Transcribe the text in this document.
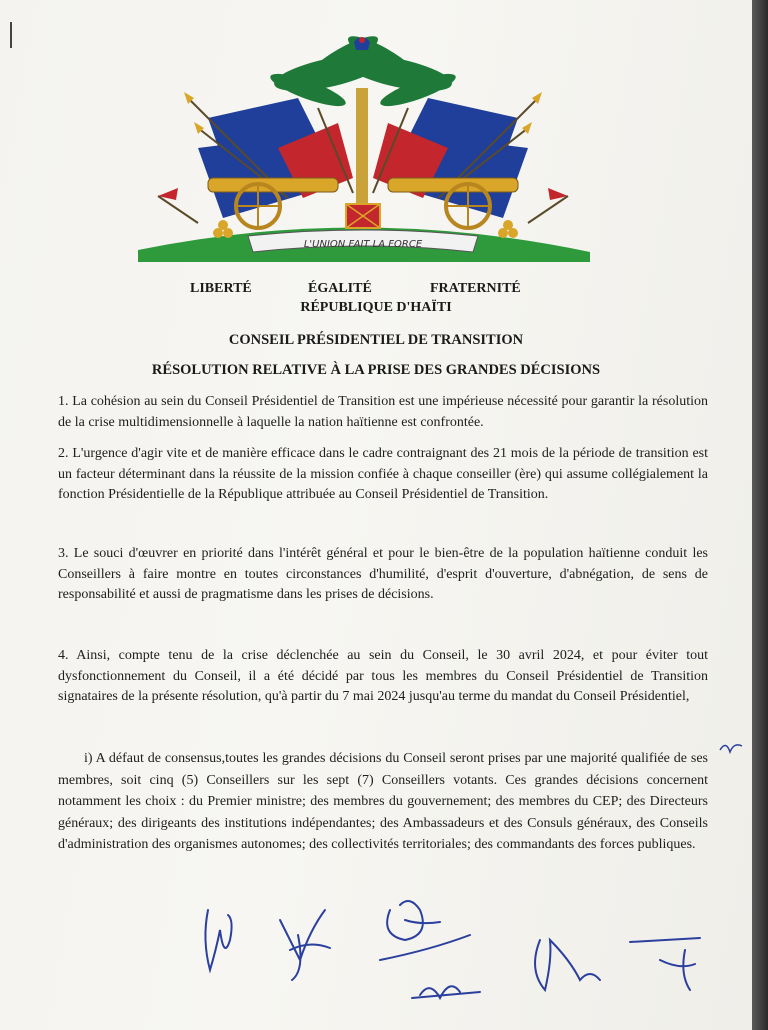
L'UNION FAIT LA FORCE
LIBERTÉ	ÉGALITÉ	FRATERNITÉ
RÉPUBLIQUE D'HAÏTI
CONSEIL PRÉSIDENTIEL DE TRANSITION
RÉSOLUTION RELATIVE À LA PRISE DES GRANDES DÉCISIONS
1. La cohésion au sein du Conseil Présidentiel de Transition est une impérieuse nécessité pour garantir la résolution de la crise multidimensionnelle à laquelle la nation haïtienne est confrontée.
2. L'urgence d'agir vite et de manière efficace dans le cadre contraignant des 21 mois de la période de transition est un facteur déterminant dans la réussite de la mission confiée à chaque conseiller (ère) qui assume collégialement la fonction Présidentielle de la République attribuée au Conseil Présidentiel de Transition.
3. Le souci d'œuvrer en priorité dans l'intérêt général et pour le bien-être de la population haïtienne conduit les Conseillers à faire montre en toutes circonstances d'humilité, d'esprit d'ouverture, d'abnégation, de sens de responsabilité et aussi de pragmatisme dans les prises de décisions.
4. Ainsi, compte tenu de la crise déclenchée au sein du Conseil, le 30 avril 2024, et pour éviter tout dysfonctionnement du Conseil, il a été décidé par tous les membres du Conseil Présidentiel de Transition signataires de la présente résolution, qu'à partir du 7 mai 2024 jusqu'au terme du mandat du Conseil Présidentiel,
i) A défaut de consensus,toutes les grandes décisions du Conseil seront prises par une majorité qualifiée de ses membres, soit cinq (5) Conseillers sur les sept (7) Conseillers votants. Ces grandes décisions concernent notamment les choix : du Premier ministre; des membres du gouvernement; des membres du CEP; des Directeurs généraux; des dirigeants des institutions indépendantes; des Ambassadeurs et des Consuls généraux, des Conseils d'administration des organismes autonomes; des collectivités territoriales; des commandants des forces publiques.
